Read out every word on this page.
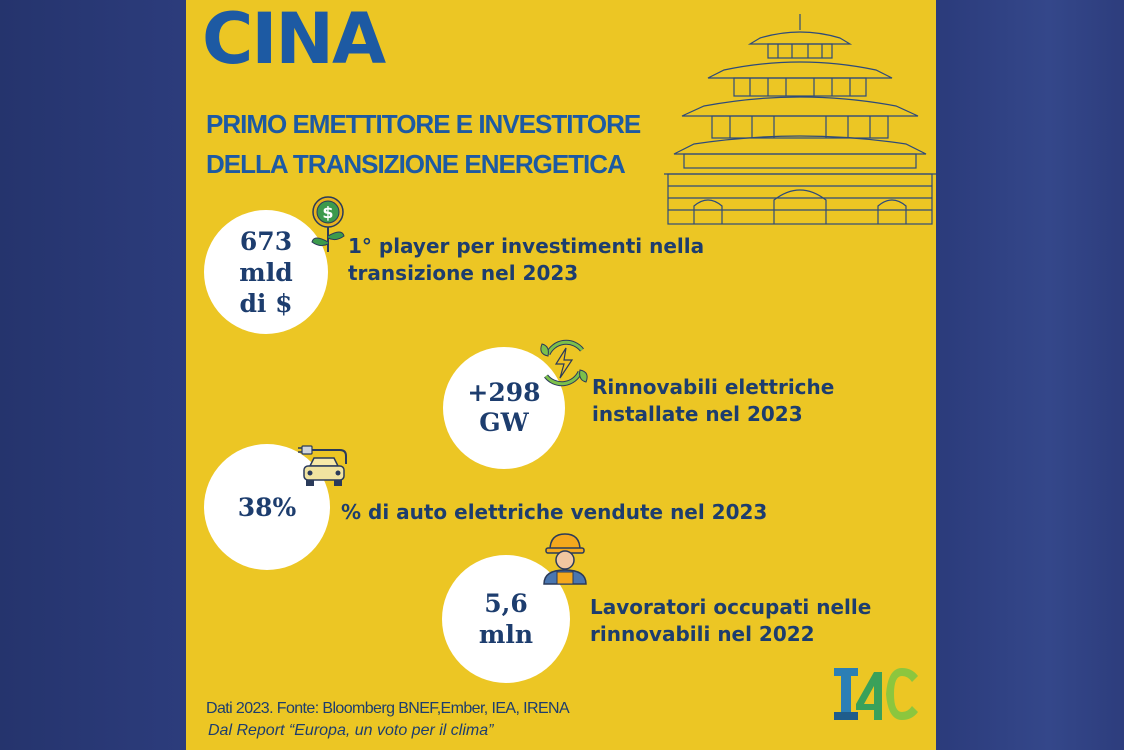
CINA
PRIMO EMETTITORE E INVESTITORE
DELLA TRANSIZIONE ENERGETICA
673
mld
di $
$
1° player per investimenti nella
transizione nel 2023
+298
GW
Rinnovabili elettriche
installate nel 2023
38% % di auto elettriche vendute nel 2023
5,6
mln
Lavoratori occupati nelle
rinnovabili nel 2022
Dati 2023. Fonte: Bloomberg BNEF,Ember, IEA, IRENA
Dal Report “Europa, un voto per il clima”
